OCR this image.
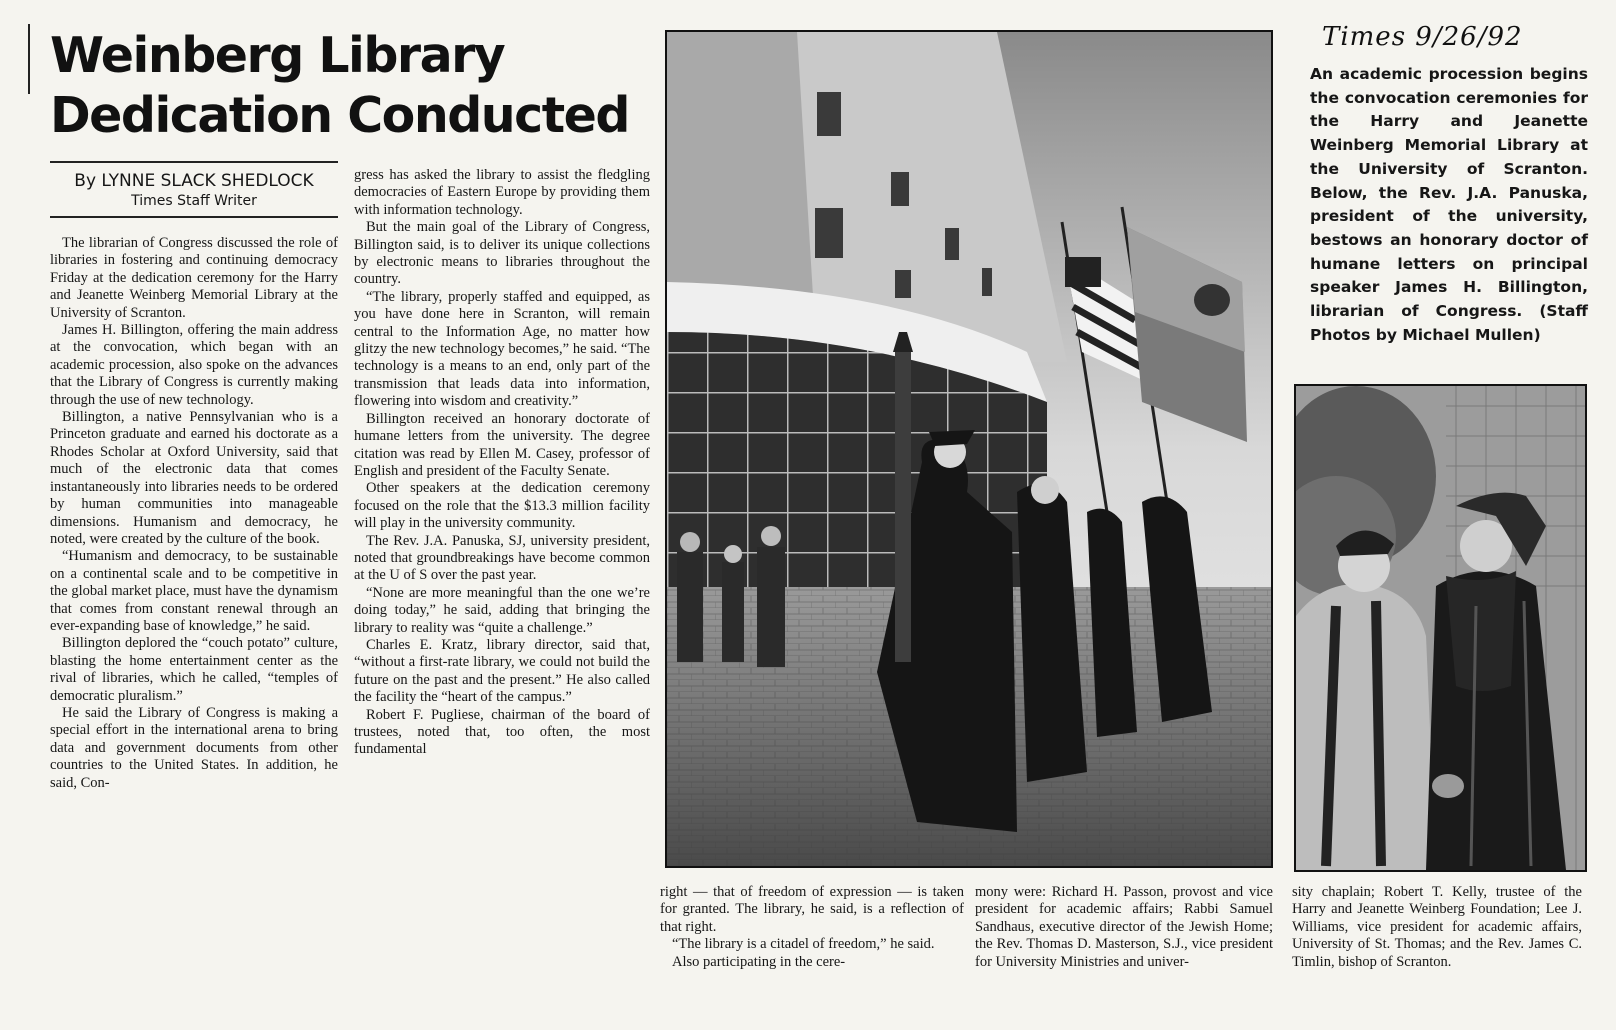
Weinberg Library
Dedication Conducted
By LYNNE SLACK SHEDLOCK
Times Staff Writer

The librarian of Congress discussed the role of libraries in fostering and continuing democracy Friday at the dedication ceremony for the Harry and Jeanette Weinberg Memorial Library at the University of Scranton.

James H. Billington, offering the main address at the convocation, which began with an academic procession, also spoke on the advances that the Library of Congress is currently making through the use of new technology.

Billington, a native Pennsylvanian who is a Princeton graduate and earned his doctorate as a Rhodes Scholar at Oxford University, said that much of the electronic data that comes instantaneously into libraries needs to be ordered by human communities into manageable dimensions. Humanism and democracy, he noted, were created by the culture of the book.

“Humanism and democracy, to be sustainable on a continental scale and to be competitive in the global market place, must have the dynamism that comes from constant renewal through an ever-expanding base of knowledge,” he said.

Billington deplored the “couch potato” culture, blasting the home entertainment center as the rival of libraries, which he called, “temples of democratic pluralism.”

He said the Library of Congress is making a special effort in the international arena to bring data and government documents from other countries to the United States. In addition, he said, Con-

gress has asked the library to assist the fledgling democracies of Eastern Europe by providing them with information technology.

But the main goal of the Library of Congress, Billington said, is to deliver its unique collections by electronic means to libraries throughout the country.

“The library, properly staffed and equipped, as you have done here in Scranton, will remain central to the Information Age, no matter how glitzy the new technology becomes,” he said. “The technology is a means to an end, only part of the transmission that leads data into information, flowering into wisdom and creativity.”

Billington received an honorary doctorate of humane letters from the university. The degree citation was read by Ellen M. Casey, professor of English and president of the Faculty Senate.

Other speakers at the dedication ceremony focused on the role that the $13.3 million facility will play in the university community.

The Rev. J.A. Panuska, SJ, university president, noted that groundbreakings have become common at the U of S over the past year.

“None are more meaningful than the one we’re doing today,” he said, adding that bringing the library to reality was “quite a challenge.”

Charles E. Kratz, library director, said that, “without a first-rate library, we could not build the future on the past and the present.” He also called the facility the “heart of the campus.”

Robert F. Pugliese, chairman of the board of trustees, noted that, too often, the most fundamental

Times 9/26/92

An academic procession begins the convocation ceremonies for the Harry and Jeanette Weinberg Memorial Library at the University of Scranton. Below, the Rev. J.A. Panuska, president of the university, bestows an honorary doctor of humane letters on principal speaker James H. Billington, librarian of Congress. (Staff Photos by Michael Mullen)

right — that of freedom of expression — is taken for granted. The library, he said, is a reflection of that right.

“The library is a citadel of freedom,” he said.

Also participating in the cere-

mony were: Richard H. Passon, provost and vice president for academic affairs; Rabbi Samuel Sandhaus, executive director of the Jewish Home; the Rev. Thomas D. Masterson, S.J., vice president for University Ministries and univer-

sity chaplain; Robert T. Kelly, trustee of the Harry and Jeanette Weinberg Foundation; Lee J. Williams, vice president for academic affairs, University of St. Thomas; and the Rev. James C. Timlin, bishop of Scranton.
